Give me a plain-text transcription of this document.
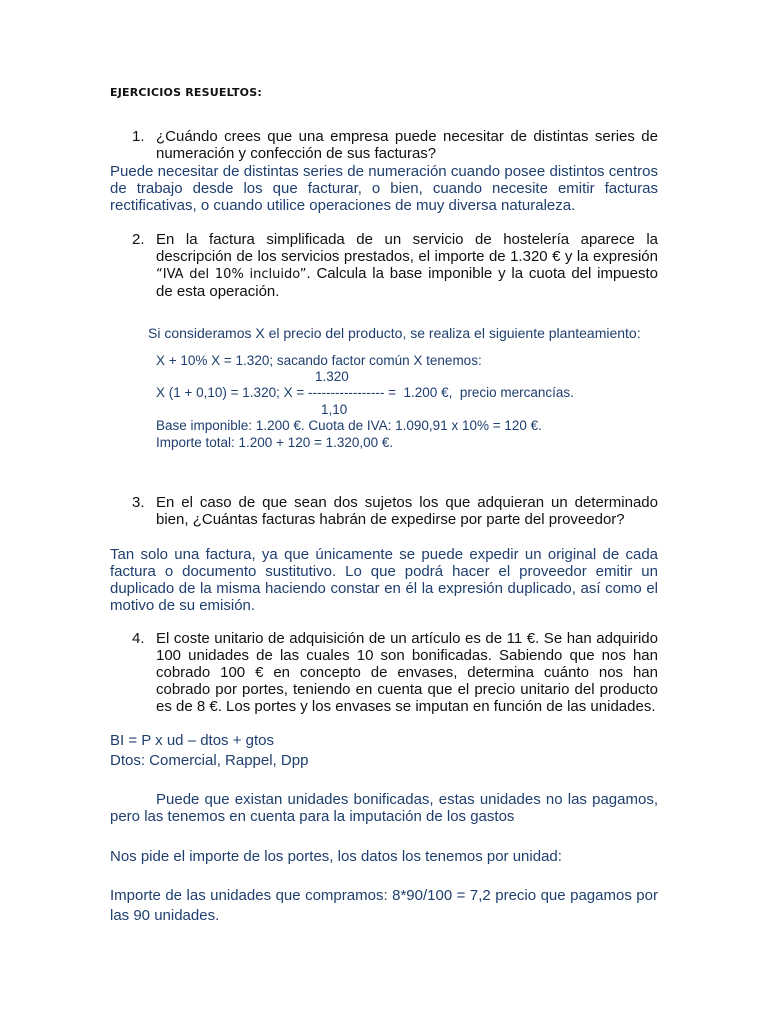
EJERCICIOS RESUELTOS:
1. ¿Cuándo crees que una empresa puede necesitar de distintas series de numeración y confección de sus facturas?
Puede necesitar de distintas series de numeración cuando posee distintos centros de trabajo desde los que facturar, o bien, cuando necesite emitir facturas rectificativas, o cuando utilice operaciones de muy diversa naturaleza.
2. En la factura simplificada de un servicio de hostelería aparece la descripción de los servicios prestados, el importe de 1.320 € y la expresión “IVA del 10% incluido”. Calcula la base imponible y la cuota del impuesto de esta operación.
Si consideramos X el precio del producto, se realiza el siguiente planteamiento:
X + 10% X = 1.320; sacando factor común X tenemos:
1.320
X (1 + 0,10) = 1.320; X = ----------------- =  1.200 €,  precio mercancías.
1,10
Base imponible: 1.200 €. Cuota de IVA: 1.090,91 x 10% = 120 €.
Importe total: 1.200 + 120 = 1.320,00 €.
3. En el caso de que sean dos sujetos los que adquieran un determinado bien, ¿Cuántas facturas habrán de expedirse por parte del proveedor?
Tan solo una factura, ya que únicamente se puede expedir un original de cada factura o documento sustitutivo. Lo que podrá hacer el proveedor emitir un duplicado de la misma haciendo constar en él la expresión duplicado, así como el motivo de su emisión.
4. El coste unitario de adquisición de un artículo es de 11 €. Se han adquirido 100 unidades de las cuales 10 son bonificadas. Sabiendo que nos han cobrado 100 € en concepto de envases, determina cuánto nos han cobrado por portes, teniendo en cuenta que el precio unitario del producto es de 8 €. Los portes y los envases se imputan en función de las unidades.
BI = P x ud – dtos + gtos
Dtos: Comercial, Rappel, Dpp
Puede que existan unidades bonificadas, estas unidades no las pagamos, pero las tenemos en cuenta para la imputación de los gastos
Nos pide el importe de los portes, los datos los tenemos por unidad:
Importe de las unidades que compramos: 8*90/100 = 7,2 precio que pagamos por las 90 unidades.
